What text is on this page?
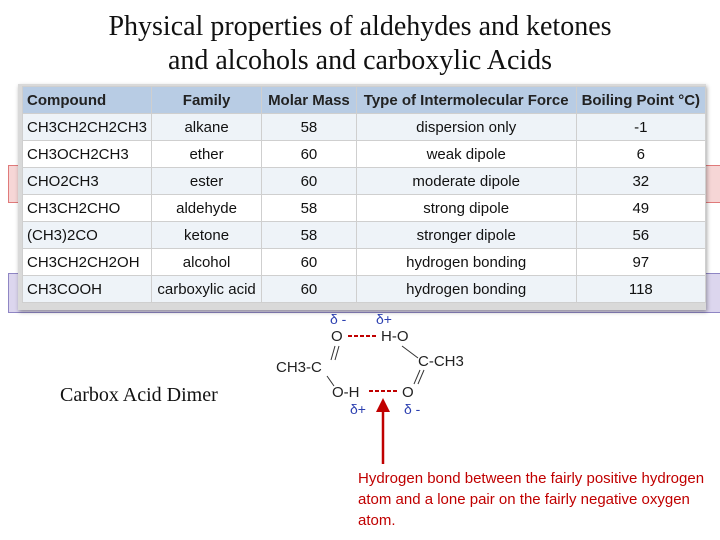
Physical properties of aldehydes and ketones
and alcohols and carboxylic Acids
Compound	Family	Molar Mass	Type of Intermolecular Force	Boiling Point °C)
CH3CH2CH2CH3	alkane	58	dispersion only	-1
CH3OCH2CH3	ether	60	weak dipole	6
CHO2CH3	ester	60	moderate dipole	32
CH3CH2CHO	aldehyde	58	strong dipole	49
(CH3)2CO	ketone	58	stronger dipole	56
CH3CH2CH2OH	alcohol	60	hydrogen bonding	97
CH3COOH	carboxylic acid	60	hydrogen bonding	118
Carbox Acid Dimer
δ - δ+
O	H-O
CH3-C	C-CH3
O-H	O
δ+	δ -
Hydrogen bond between the fairly positive hydrogen atom and a lone pair on the fairly negative oxygen atom.
